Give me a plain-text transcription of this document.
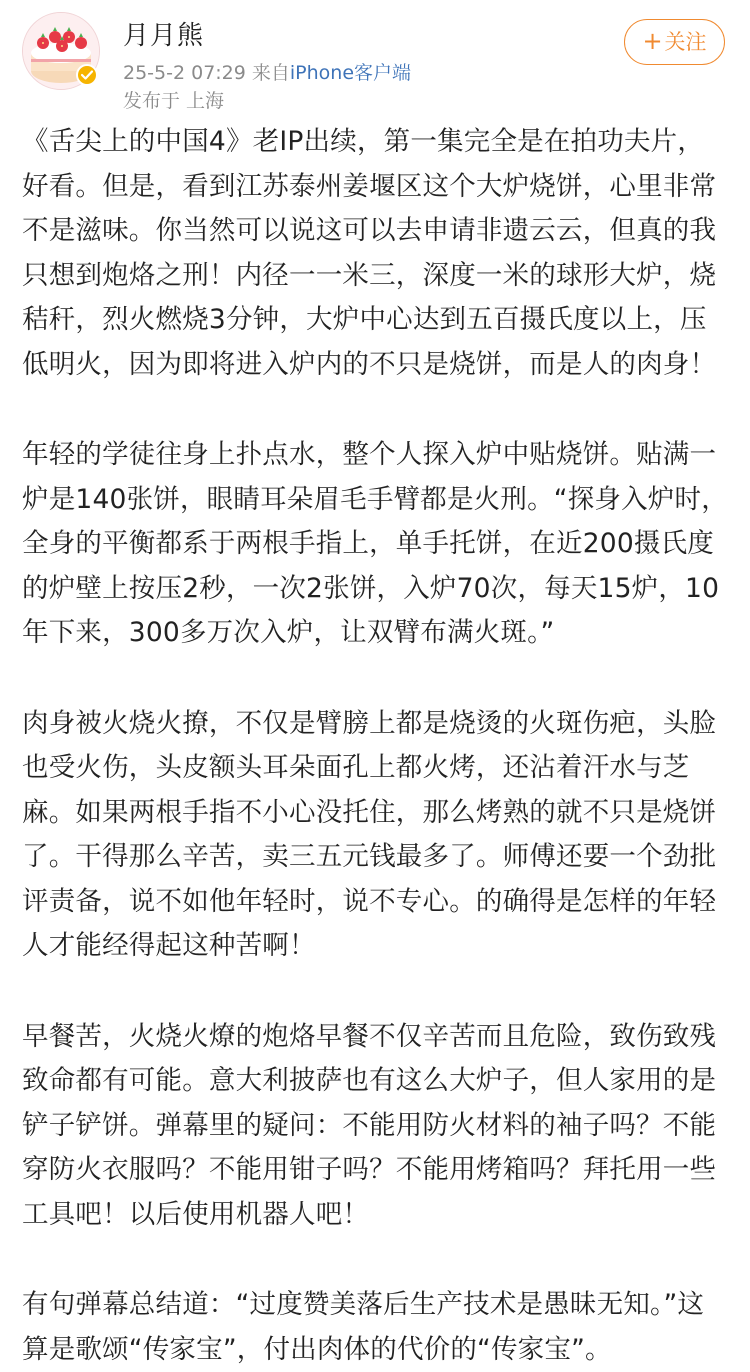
月月熊
25-5-2 07:29 来自iPhone客户端
发布于 上海
+关注

《舌尖上的中国4》老IP出续，第一集完全是在拍功夫片，好看。但是，看到江苏泰州姜堰区这个大炉烧饼，心里非常不是滋味。你当然可以说这可以去申请非遗云云，但真的我只想到炮烙之刑！内径一一米三，深度一米的球形大炉，烧秸秆，烈火燃烧3分钟，大炉中心达到五百摄氏度以上，压低明火，因为即将进入炉内的不只是烧饼，而是人的肉身！

年轻的学徒往身上扑点水，整个人探入炉中贴烧饼。贴满一炉是140张饼，眼睛耳朵眉毛手臂都是火刑。“探身入炉时，全身的平衡都系于两根手指上，单手托饼，在近200摄氏度的炉壁上按压2秒，一次2张饼，入炉70次，每天15炉，10年下来，300多万次入炉，让双臂布满火斑。”

肉身被火烧火撩，不仅是臂膀上都是烧烫的火斑伤疤，头脸也受火伤，头皮额头耳朵面孔上都火烤，还沾着汗水与芝麻。如果两根手指不小心没托住，那么烤熟的就不只是烧饼了。干得那么辛苦，卖三五元钱最多了。师傅还要一个劲批评责备，说不如他年轻时，说不专心。的确得是怎样的年轻人才能经得起这种苦啊！

早餐苦，火烧火燎的炮烙早餐不仅辛苦而且危险，致伤致残致命都有可能。意大利披萨也有这么大炉子，但人家用的是铲子铲饼。弹幕里的疑问：不能用防火材料的袖子吗？不能穿防火衣服吗？不能用钳子吗？不能用烤箱吗？拜托用一些工具吧！以后使用机器人吧！

有句弹幕总结道：“过度赞美落后生产技术是愚昧无知。”这算是歌颂“传家宝”，付出肉体的代价的“传家宝”。
